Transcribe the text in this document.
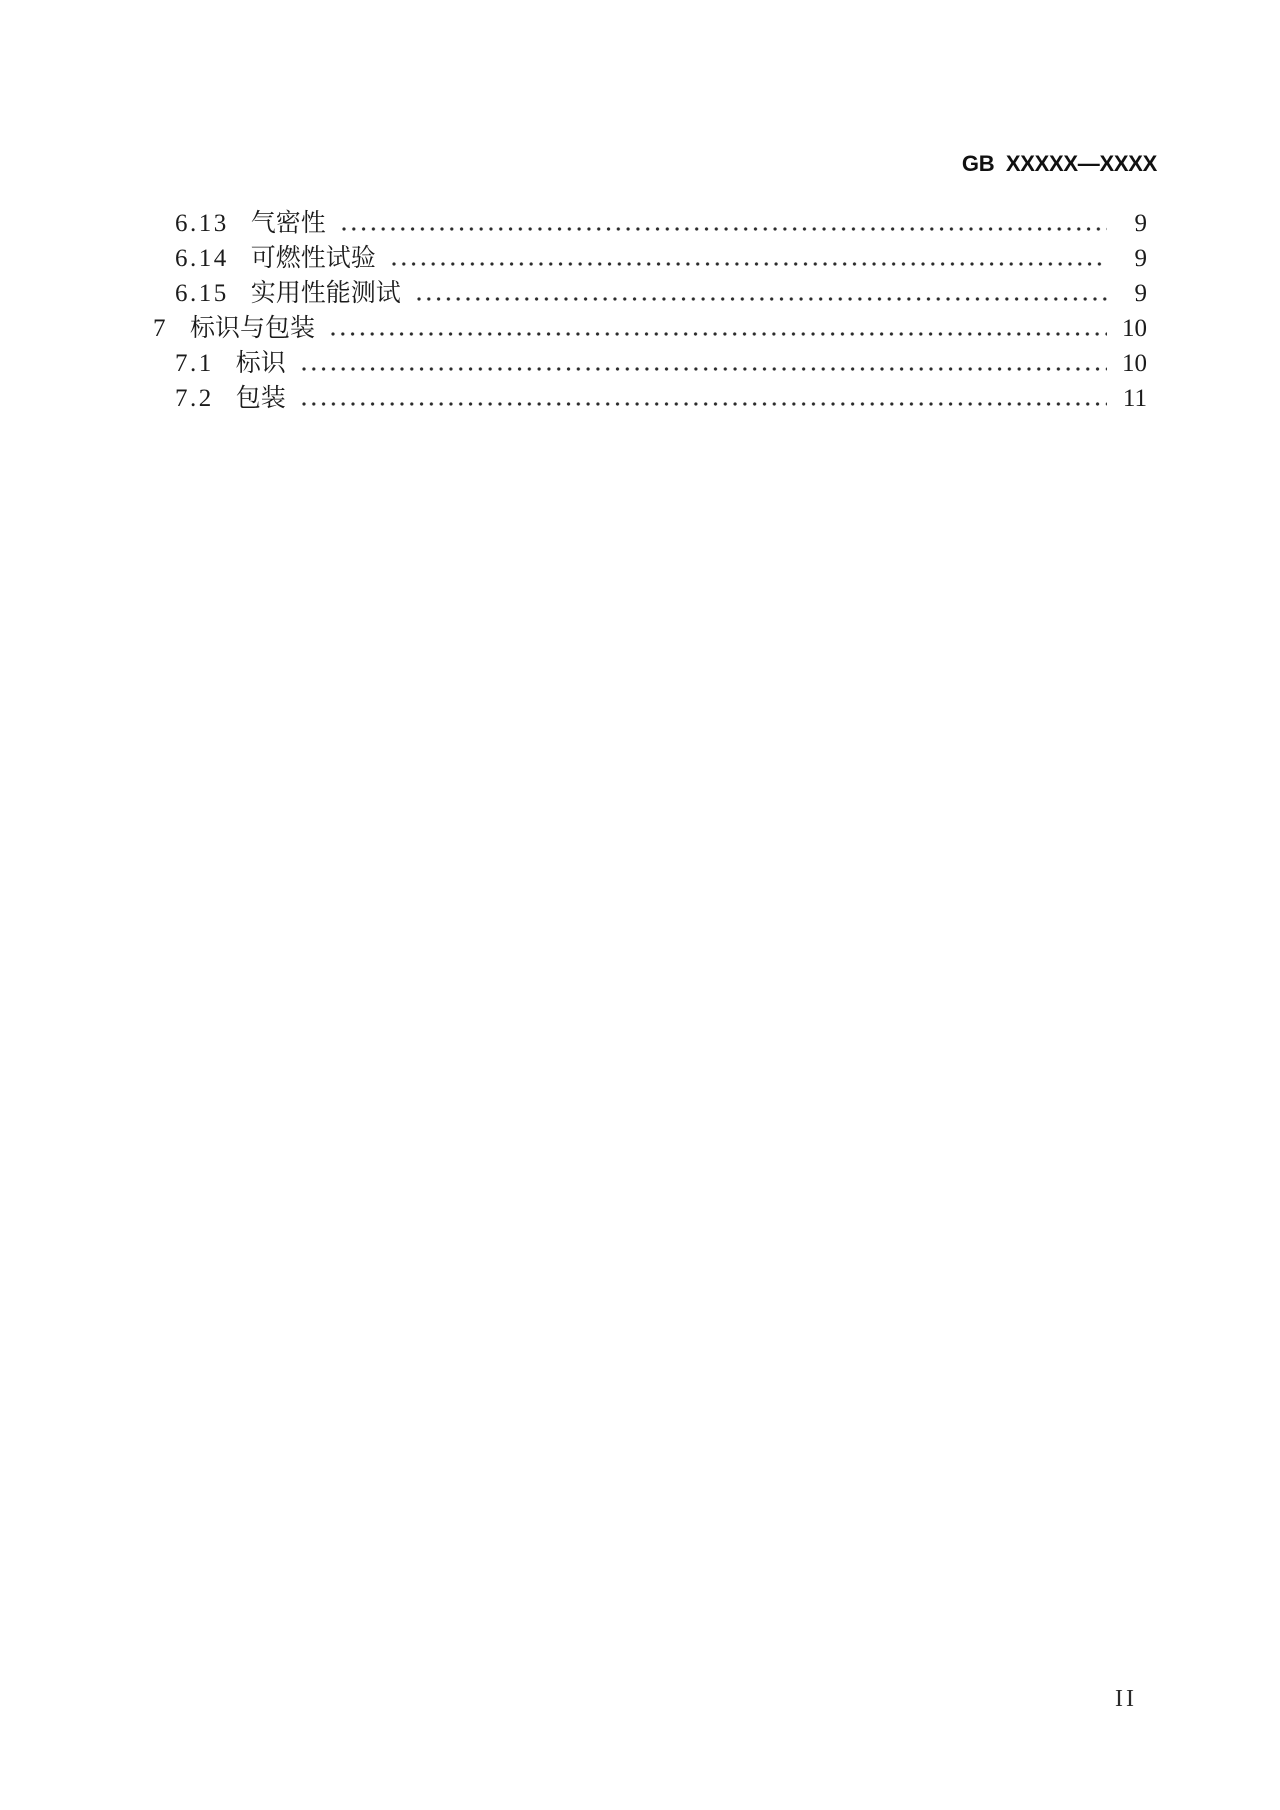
GB  XXXXX—XXXX
6.13 气密性	9
6.14 可燃性试验	9
6.15 实用性能测试	9
7 标识与包装	10
7.1 标识	10
7.2 包装	11
II
